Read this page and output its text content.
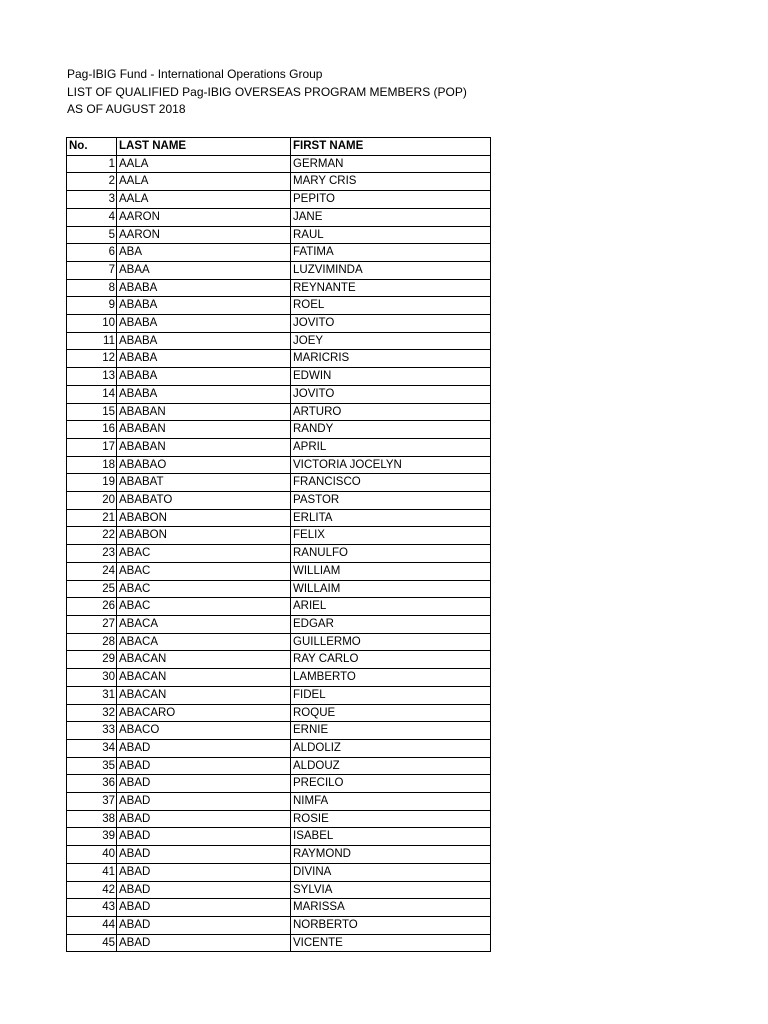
Pag-IBIG Fund - International Operations Group
LIST OF QUALIFIED Pag-IBIG OVERSEAS PROGRAM MEMBERS (POP)
AS OF AUGUST 2018
No.	LAST NAME	FIRST NAME
1	AALA	GERMAN
2	AALA	MARY CRIS
3	AALA	PEPITO
4	AARON	JANE
5	AARON	RAUL
6	ABA	FATIMA
7	ABAA	LUZVIMINDA
8	ABABA	REYNANTE
9	ABABA	ROEL
10	ABABA	JOVITO
11	ABABA	JOEY
12	ABABA	MARICRIS
13	ABABA	EDWIN
14	ABABA	JOVITO
15	ABABAN	ARTURO
16	ABABAN	RANDY
17	ABABAN	APRIL
18	ABABAO	VICTORIA JOCELYN
19	ABABAT	FRANCISCO
20	ABABATO	PASTOR
21	ABABON	ERLITA
22	ABABON	FELIX
23	ABAC	RANULFO
24	ABAC	WILLIAM
25	ABAC	WILLAIM
26	ABAC	ARIEL
27	ABACA	EDGAR
28	ABACA	GUILLERMO
29	ABACAN	RAY CARLO
30	ABACAN	LAMBERTO
31	ABACAN	FIDEL
32	ABACARO	ROQUE
33	ABACO	ERNIE
34	ABAD	ALDOLIZ
35	ABAD	ALDOUZ
36	ABAD	PRECILO
37	ABAD	NIMFA
38	ABAD	ROSIE
39	ABAD	ISABEL
40	ABAD	RAYMOND
41	ABAD	DIVINA
42	ABAD	SYLVIA
43	ABAD	MARISSA
44	ABAD	NORBERTO
45	ABAD	VICENTE
